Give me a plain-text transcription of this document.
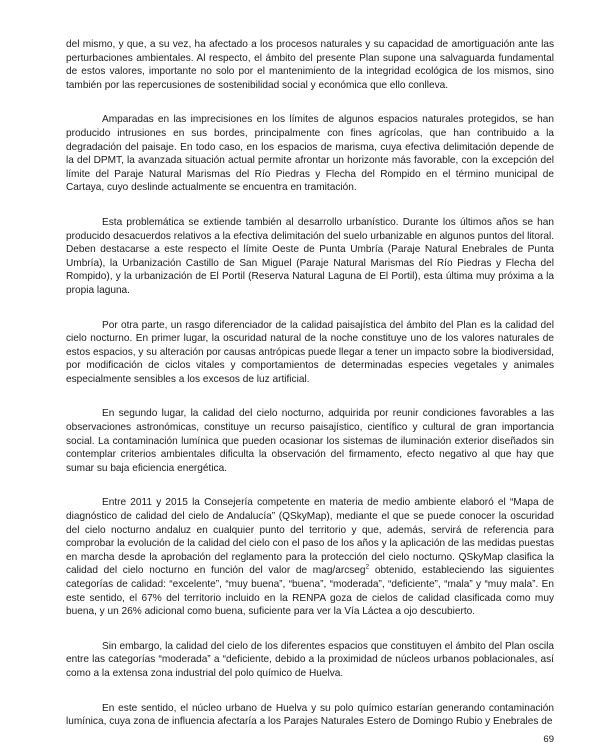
del mismo, y que, a su vez, ha afectado a los procesos naturales y su capacidad de amortiguación ante las perturbaciones ambientales. Al respecto, el ámbito del presente Plan supone una salvaguarda fundamental de estos valores, importante no solo por el mantenimiento de la integridad ecológica de los mismos, sino también por las repercusiones de sostenibilidad social y económica que ello conlleva.

Amparadas en las imprecisiones en los límites de algunos espacios naturales protegidos, se han producido intrusiones en sus bordes, principalmente con fines agrícolas, que han contribuido a la degradación del paisaje. En todo caso, en los espacios de marisma, cuya efectiva delimitación depende de la del DPMT, la avanzada situación actual permite afrontar un horizonte más favorable, con la excepción del límite del Paraje Natural Marismas del Río Piedras y Flecha del Rompido en el término municipal de Cartaya, cuyo deslinde actualmente se encuentra en tramitación.

Esta problemática se extiende también al desarrollo urbanístico. Durante los últimos años se han producido desacuerdos relativos a la efectiva delimitación del suelo urbanizable en algunos puntos del litoral. Deben destacarse a este respecto el límite Oeste de Punta Umbría (Paraje Natural Enebrales de Punta Umbría), la Urbanización Castillo de San Miguel (Paraje Natural Marismas del Río Piedras y Flecha del Rompido), y la urbanización de El Portil (Reserva Natural Laguna de El Portil), esta última muy próxima a la propia laguna.

Por otra parte, un rasgo diferenciador de la calidad paisajística del ámbito del Plan es la calidad del cielo nocturno. En primer lugar, la oscuridad natural de la noche constituye uno de los valores naturales de estos espacios, y su alteración por causas antrópicas puede llegar a tener un impacto sobre la biodiversidad, por modificación de ciclos vitales y comportamientos de determinadas especies vegetales y animales especialmente sensibles a los excesos de luz artificial.

En segundo lugar, la calidad del cielo nocturno, adquirida por reunir condiciones favorables a las observaciones astronómicas, constituye un recurso paisajístico, científico y cultural de gran importancia social. La contaminación lumínica que pueden ocasionar los sistemas de iluminación exterior diseñados sin contemplar criterios ambientales dificulta la observación del firmamento, efecto negativo al que hay que sumar su baja eficiencia energética.

Entre 2011 y 2015 la Consejería competente en materia de medio ambiente elaboró el “Mapa de diagnóstico de calidad del cielo de Andalucía” (QSkyMap), mediante el que se puede conocer la oscuridad del cielo nocturno andaluz en cualquier punto del territorio y que, además, servirá de referencia para comprobar la evolución de la calidad del cielo con el paso de los años y la aplicación de las medidas puestas en marcha desde la aprobación del reglamento para la protección del cielo nocturno. QSkyMap clasifica la calidad del cielo nocturno en función del valor de mag/arcseg$^2$ obtenido, estableciendo las siguientes categorías de calidad: “excelente”, “muy buena”, “buena”, “moderada”, “deficiente”, “mala” y “muy mala”. En este sentido, el 67% del territorio incluido en la RENPA goza de cielos de calidad clasificada como muy buena, y un 26% adicional como buena, suficiente para ver la Vía Láctea a ojo descubierto.

Sin embargo, la calidad del cielo de los diferentes espacios que constituyen el ámbito del Plan oscila entre las categorías “moderada” a “deficiente, debido a la proximidad de núcleos urbanos poblacionales, así como a la extensa zona industrial del polo químico de Huelva.

En este sentido, el núcleo urbano de Huelva y su polo químico estarían generando contaminación lumínica, cuya zona de influencia afectaría a los Parajes Naturales Estero de Domingo Rubio y Enebrales de

69
